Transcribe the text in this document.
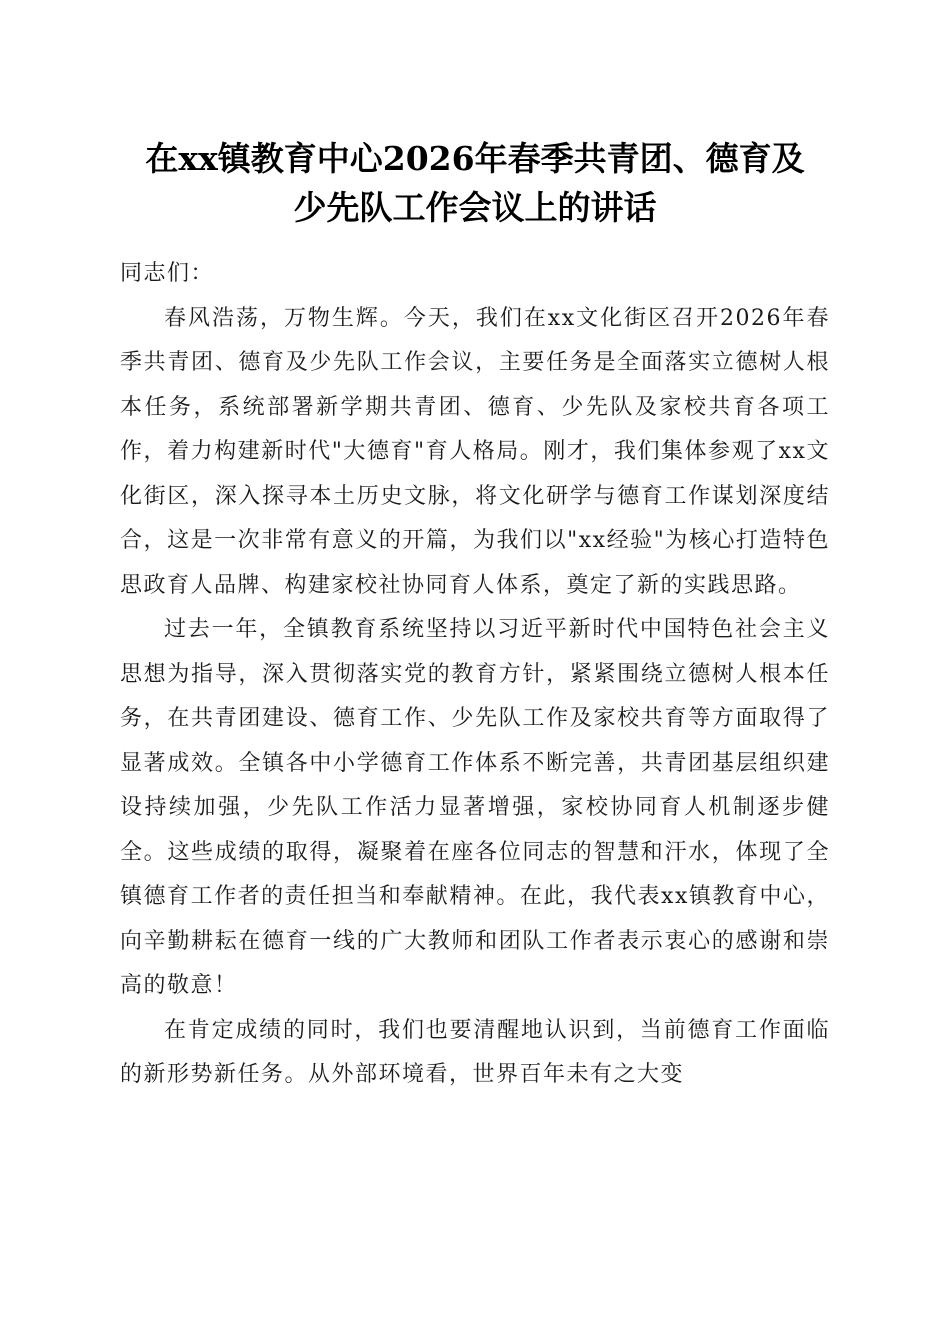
在xx镇教育中心2026年春季共青团、德育及
少先队工作会议上的讲话

同志们：

春风浩荡，万物生辉。今天，我们在xx文化街区召开2026年春季共青团、德育及少先队工作会议，主要任务是全面落实立德树人根本任务，系统部署新学期共青团、德育、少先队及家校共育各项工作，着力构建新时代"大德育"育人格局。刚才，我们集体参观了xx文化街区，深入探寻本土历史文脉，将文化研学与德育工作谋划深度结合，这是一次非常有意义的开篇，为我们以"xx经验"为核心打造特色思政育人品牌、构建家校社协同育人体系，奠定了新的实践思路。

过去一年，全镇教育系统坚持以习近平新时代中国特色社会主义思想为指导，深入贯彻落实党的教育方针，紧紧围绕立德树人根本任务，在共青团建设、德育工作、少先队工作及家校共育等方面取得了显著成效。全镇各中小学德育工作体系不断完善，共青团基层组织建设持续加强，少先队工作活力显著增强，家校协同育人机制逐步健全。这些成绩的取得，凝聚着在座各位同志的智慧和汗水，体现了全镇德育工作者的责任担当和奉献精神。在此，我代表xx镇教育中心，向辛勤耕耘在德育一线的广大教师和团队工作者表示衷心的感谢和崇高的敬意！

在肯定成绩的同时，我们也要清醒地认识到，当前德育工作面临的新形势新任务。从外部环境看，世界百年未有之大变
